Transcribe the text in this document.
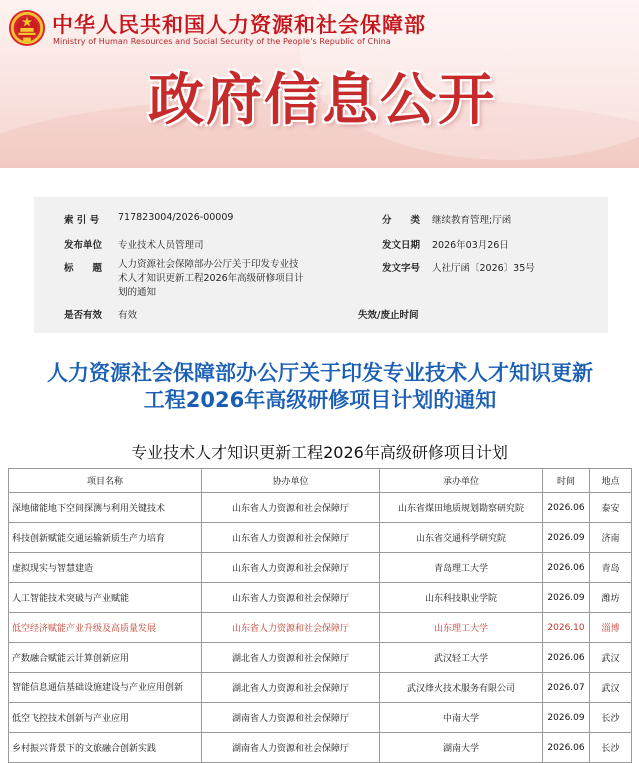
中华人民共和国人力资源和社会保障部
Ministry of Human Resources and Social Security of the People's Republic of China
政府信息公开
索 引 号 717823004/2026-00009	分　　类 继续教育管理;厅函
发布单位 专业技术人员管理司	发文日期 2026年03月26日
标　　题 人力资源社会保障部办公厅关于印发专业技术人才知识更新工程2026年高级研修项目计划的通知
发文字号 人社厅函〔2026〕35号
是否有效 有效	失效/废止时间
人力资源社会保障部办公厅关于印发专业技术人才知识更新
工程2026年高级研修项目计划的通知
专业技术人才知识更新工程2026年高级研修项目计划
项目名称	协办单位	承办单位	时间	地点
深地储能地下空间探测与利用关键技术	山东省人力资源和社会保障厅	山东省煤田地质规划勘察研究院	2026.06	泰安
科技创新赋能交通运输新质生产力培育	山东省人力资源和社会保障厅	山东省交通科学研究院	2026.09	济南
虚拟现实与智慧建造	山东省人力资源和社会保障厅	青岛理工大学	2026.06	青岛
人工智能技术突破与产业赋能	山东省人力资源和社会保障厅	山东科技职业学院	2026.09	潍坊
低空经济赋能产业升级及高质量发展	山东省人力资源和社会保障厅	山东理工大学	2026.10	淄博
产数融合赋能云计算创新应用	湖北省人力资源和社会保障厅	武汉轻工大学	2026.06	武汉

智能信息通信基础设施建设与产业应用创新	湖北省人力资源和社会保障厅	武汉烽火技术服务有限公司	2026.07	武汉
低空飞控技术创新与产业应用	湖南省人力资源和社会保障厅	中南大学	2026.09	长沙
乡村振兴背景下的文旅融合创新实践	湖南省人力资源和社会保障厅	湖南大学	2026.06	长沙
